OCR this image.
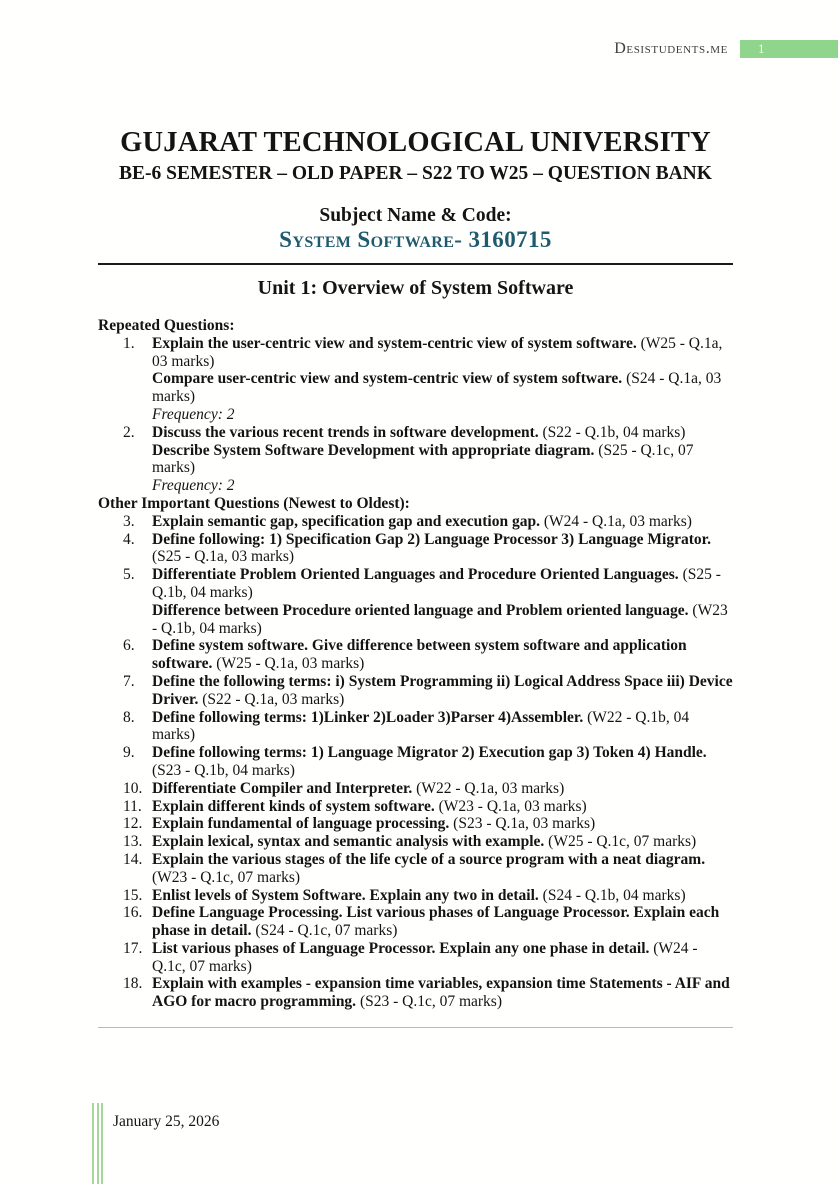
Desistudents.me	1
GUJARAT TECHNOLOGICAL UNIVERSITY
BE-6 SEMESTER – OLD PAPER – S22 TO W25 – QUESTION BANK
Subject Name & Code:
System Software- 3160715
Unit 1: Overview of System Software
Repeated Questions:
1.	Explain the user-centric view and system-centric view of system software. (W25 - Q.1a, 03 marks)
Compare user-centric view and system-centric view of system software. (S24 - Q.1a, 03 marks)
Frequency: 2
2.	Discuss the various recent trends in software development. (S22 - Q.1b, 04 marks)
Describe System Software Development with appropriate diagram. (S25 - Q.1c, 07 marks)
Frequency: 2
Other Important Questions (Newest to Oldest):
3.	Explain semantic gap, specification gap and execution gap. (W24 - Q.1a, 03 marks)
4.	Define following: 1) Specification Gap 2) Language Processor 3) Language Migrator. (S25 - Q.1a, 03 marks)
5.	Differentiate Problem Oriented Languages and Procedure Oriented Languages. (S25 - Q.1b, 04 marks)
Difference between Procedure oriented language and Problem oriented language. (W23 - Q.1b, 04 marks)
6.	Define system software. Give difference between system software and application software. (W25 - Q.1a, 03 marks)
7.	Define the following terms: i) System Programming ii) Logical Address Space iii) Device Driver. (S22 - Q.1a, 03 marks)
8.	Define following terms: 1)Linker 2)Loader 3)Parser 4)Assembler. (W22 - Q.1b, 04 marks)
9.	Define following terms: 1) Language Migrator 2) Execution gap 3) Token 4) Handle. (S23 - Q.1b, 04 marks)
10. Differentiate Compiler and Interpreter. (W22 - Q.1a, 03 marks)
11. Explain different kinds of system software. (W23 - Q.1a, 03 marks)
12. Explain fundamental of language processing. (S23 - Q.1a, 03 marks)
13. Explain lexical, syntax and semantic analysis with example. (W25 - Q.1c, 07 marks)
14. Explain the various stages of the life cycle of a source program with a neat diagram. (W23 - Q.1c, 07 marks)
15. Enlist levels of System Software. Explain any two in detail. (S24 - Q.1b, 04 marks)
16. Define Language Processing. List various phases of Language Processor. Explain each phase in detail. (S24 - Q.1c, 07 marks)
17. List various phases of Language Processor. Explain any one phase in detail. (W24 - Q.1c, 07 marks)
18. Explain with examples - expansion time variables, expansion time Statements - AIF and AGO for macro programming. (S23 - Q.1c, 07 marks)
January 25, 2026
